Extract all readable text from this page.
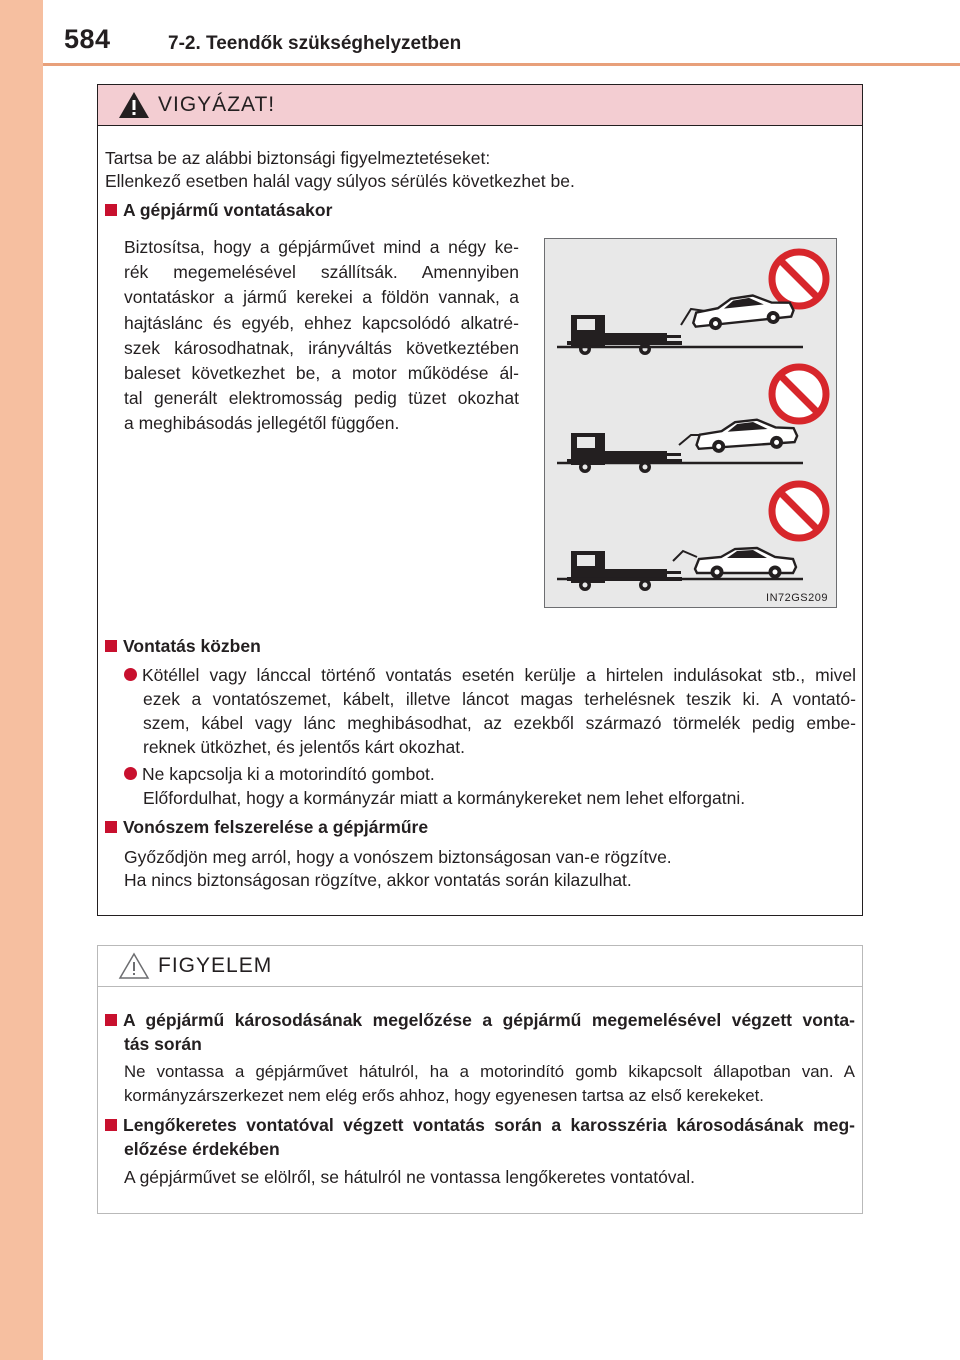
584	7-2. Teendők szükséghelyzetben
VIGYÁZAT!
Tartsa be az alábbi biztonsági figyelmeztetéseket:
Ellenkező esetben halál vagy súlyos sérülés következhet be.
A gépjármű vontatásakor
Biztosítsa, hogy a gépjárművet mind a négy ke-
rék megemelésével szállítsák. Amennyiben
vontatáskor a jármű kerekei a földön vannak, a
hajtáslánc és egyéb, ehhez kapcsolódó alkatré-
szek károsodhatnak, irányváltás következtében
baleset következhet be, a motor működése ál-
tal generált elektromosság pedig tüzet okozhat
a meghibásodás jellegétől függően.
IN72GS209
Vontatás közben
Kötéllel vagy lánccal történő vontatás esetén kerülje a hirtelen indulásokat stb., mivel
ezek a vontatószemet, kábelt, illetve láncot magas terhelésnek teszik ki. A vontató-
szem, kábel vagy lánc meghibásodhat, az ezekből származó törmelék pedig embe-
reknek ütközhet, és jelentős kárt okozhat.
Ne kapcsolja ki a motorindító gombot.
Előfordulhat, hogy a kormányzár miatt a kormánykereket nem lehet elforgatni.
Vonószem felszerelése a gépjárműre
Győződjön meg arról, hogy a vonószem biztonságosan van-e rögzítve.
Ha nincs biztonságosan rögzítve, akkor vontatás során kilazulhat.
FIGYELEM
A gépjármű károsodásának megelőzése a gépjármű megemelésével végzett vonta-
tás során
Ne vontassa a gépjárművet hátulról, ha a motorindító gomb kikapcsolt állapotban van. A
kormányzárszerkezet nem elég erős ahhoz, hogy egyenesen tartsa az első kerekeket.
Lengőkeretes vontatóval végzett vontatás során a karosszéria károsodásának meg-
előzése érdekében
A gépjárművet se elölről, se hátulról ne vontassa lengőkeretes vontatóval.
